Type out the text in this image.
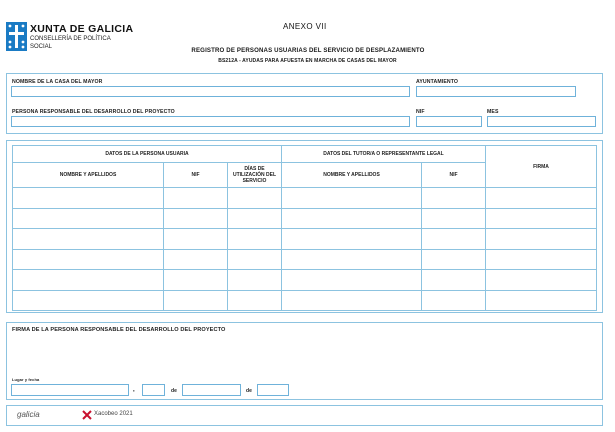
XUNTA DE GALICIA
CONSELLERÍA DE POLÍTICA
SOCIAL
ANEXO VII
REGISTRO DE PERSONAS USUARIAS DEL SERVICIO DE DESPLAZAMIENTO
BS212A - AYUDAS PARA AFUESTA EN MARCHA DE CASAS DEL MAYOR
NOMBRE DE LA CASA DEL MAYOR	AYUNTAMIENTO
PERSONA RESPONSABLE DEL DESARROLLO DEL PROYECTO	NIF	MES
DATOS DE LA PERSONA USUARIA			DATOS DEL TUTOR/A O REPRESENTANTE LEGAL		FIRMA
NOMBRE Y APELLIDOS	NIF	DÍAS DE
UTILIZACIÓN DEL
SERVICIO	NOMBRE Y APELLIDOS	NIF	

FIRMA DE LA PERSONA RESPONSABLE DEL DESARROLLO DEL PROYECTO
Lugar y fecha
,	de	de
galicia	Xacobeo 2021
